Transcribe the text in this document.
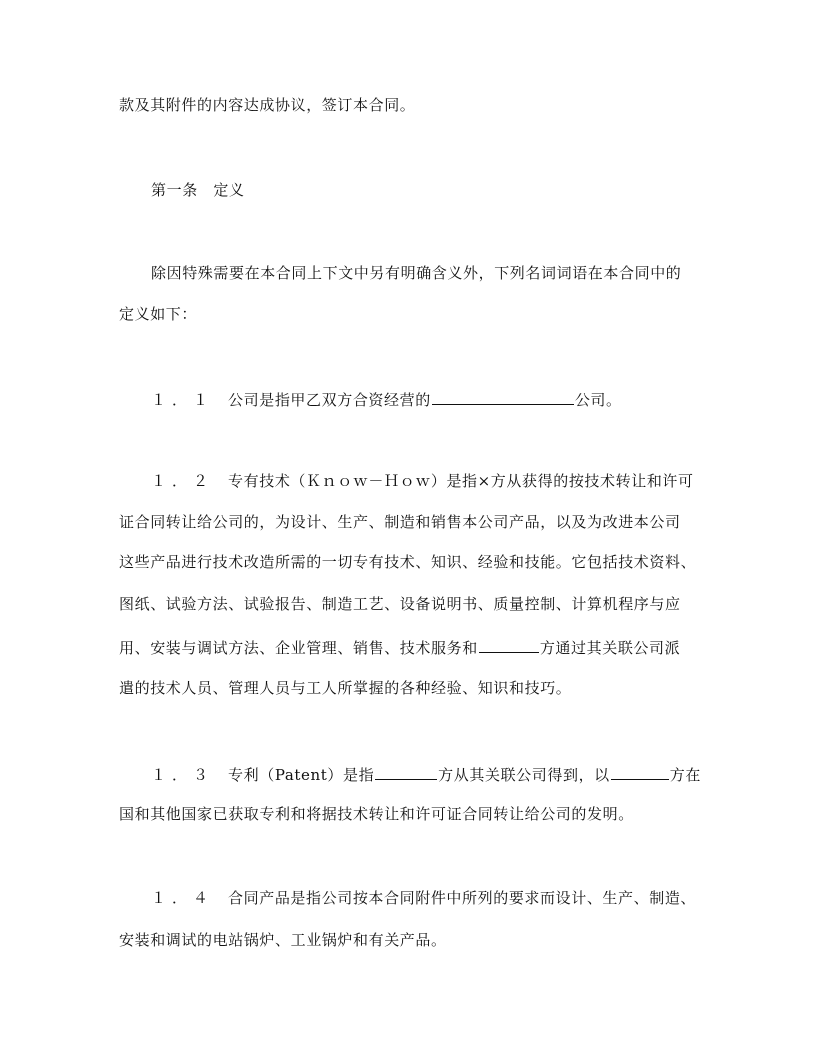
款及其附件的内容达成协议，签订本合同。
第一条　定义
除因特殊需要在本合同上下文中另有明确含义外，下列名词词语在本合同中的
定义如下：
１．１ 公司是指甲乙双方合资经营的	公司。
１．２ 专有技术（Ｋｎｏｗ－Ｈｏｗ）是指×方从获得的按技术转让和许可
证合同转让给公司的，为设计、生产、制造和销售本公司产品，以及为改进本公司
这些产品进行技术改造所需的一切专有技术、知识、经验和技能。它包括技术资料、
图纸、试验方法、试验报告、制造工艺、设备说明书、质量控制、计算机程序与应
用、安装与调试方法、企业管理、销售、技术服务和	方通过其关联公司派
遣的技术人员、管理人员与工人所掌握的各种经验、知识和技巧。
１．３ 专利（Patent）是指	方从其关联公司得到，以	方在
国和其他国家已获取专利和将据技术转让和许可证合同转让给公司的发明。
１．４ 合同产品是指公司按本合同附件中所列的要求而设计、生产、制造、
安装和调试的电站锅炉、工业锅炉和有关产品。
